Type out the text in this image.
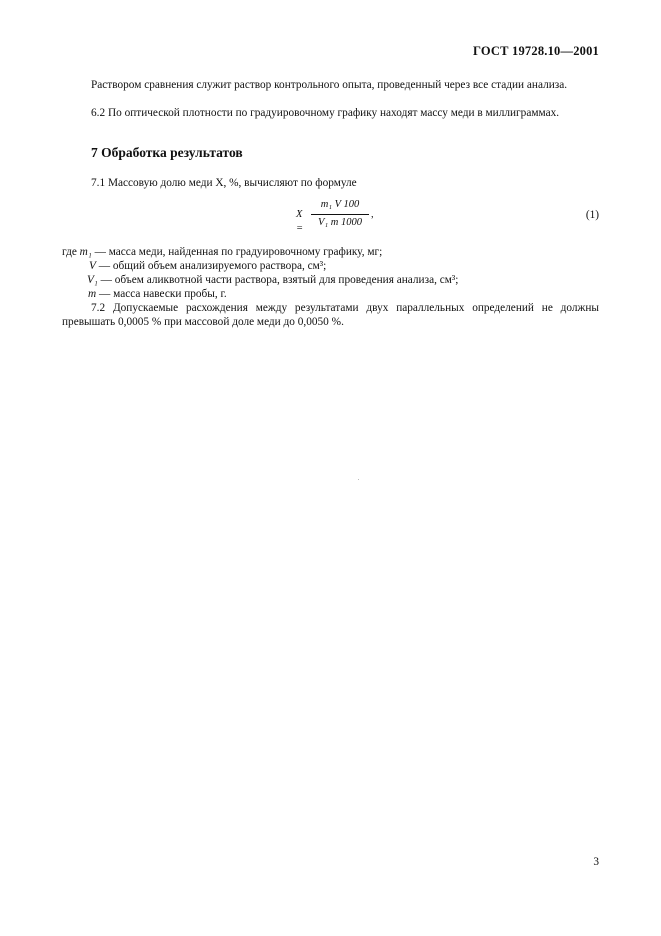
ГОСТ 19728.10—2001
Раствором сравнения служит раствор контрольного опыта, проведенный через все стадии анализа.
6.2 По оптической плотности по градуировочному графику находят массу меди в миллиграммах.
7 Обработка результатов
7.1 Массовую долю меди X, %, вычисляют по формуле
X =
m₁ V 100
V₁ m 1000
,	(1)
где m₁ — масса меди, найденная по градуировочному графику, мг;
V — общий объем анализируемого раствора, см³;
V₁ — объем аликвотной части раствора, взятый для проведения анализа, см³;
m — масса навески пробы, г.
7.2 Допускаемые расхождения между результатами двух параллельных определений не должны превышать 0,0005 % при массовой доле меди до 0,0050 %.
3
